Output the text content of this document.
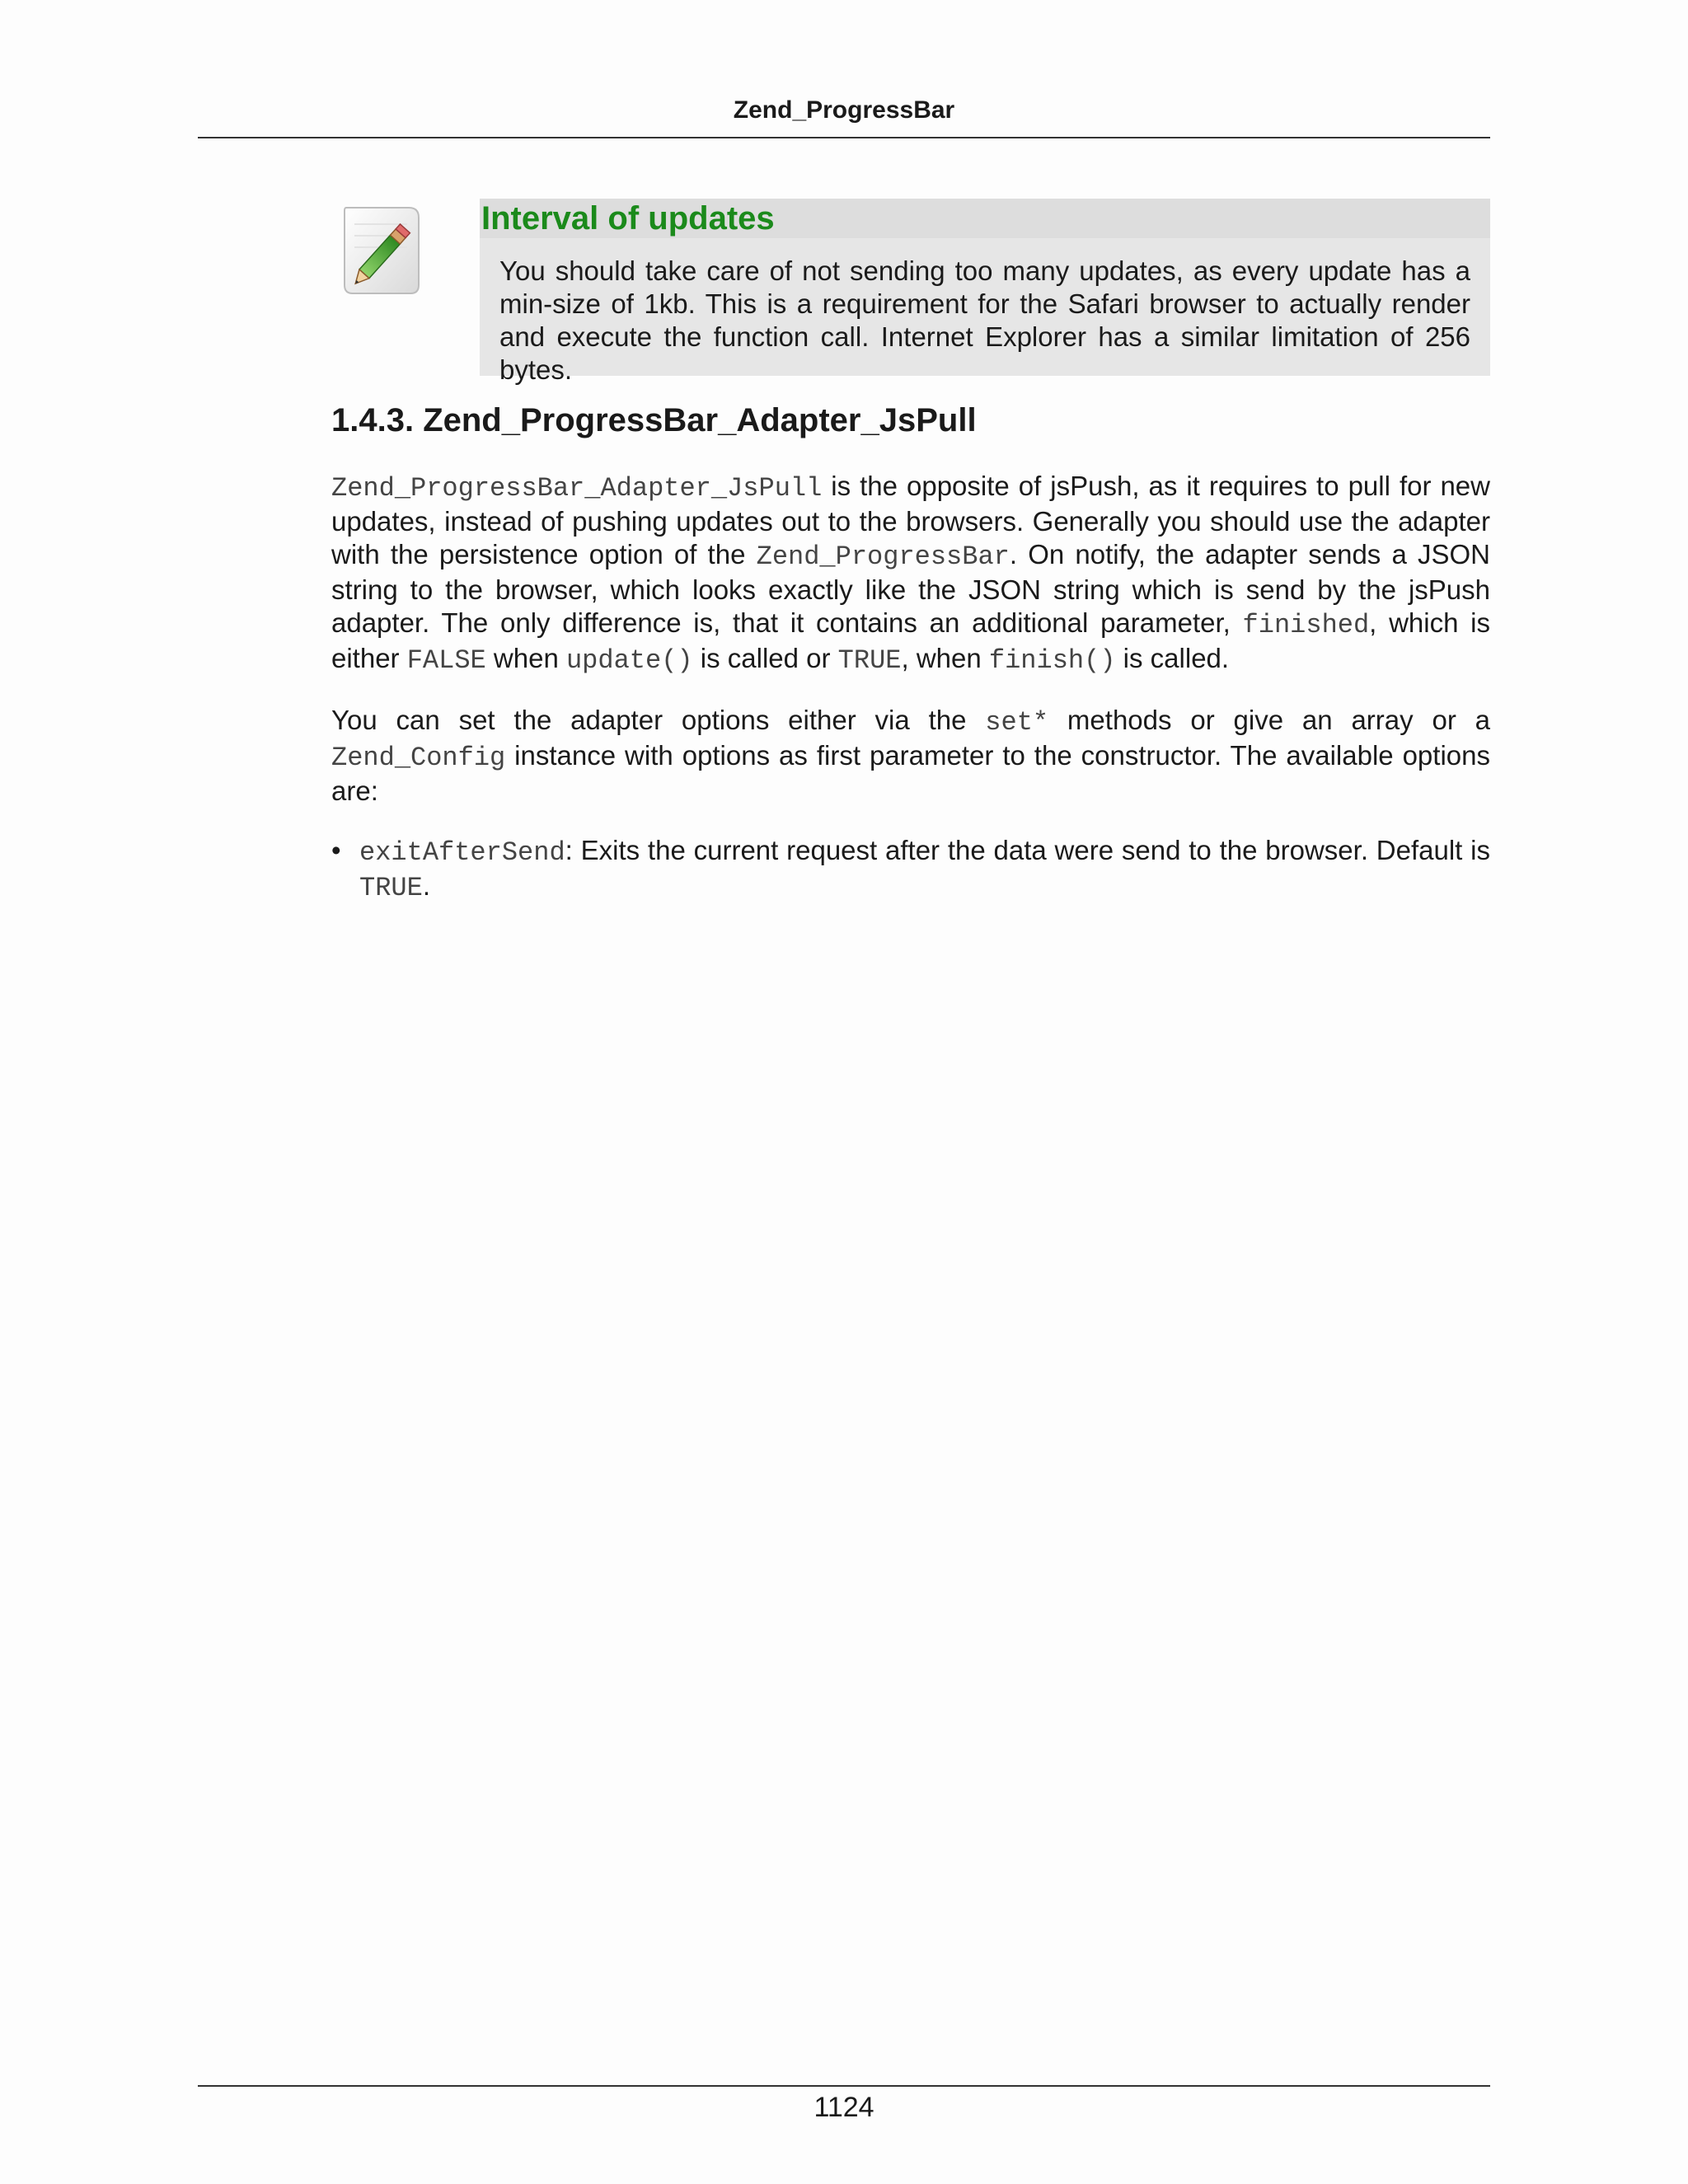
Zend_ProgressBar
Interval of updates
You should take care of not sending too many updates, as every update has a min-size of 1kb. This is a requirement for the Safari browser to actually render and execute the function call. Internet Explorer has a similar limitation of 256 bytes.
1.4.3. Zend_ProgressBar_Adapter_JsPull

Zend_ProgressBar_Adapter_JsPull is the opposite of jsPush, as it requires to pull for new updates, instead of pushing updates out to the browsers. Generally you should use the adapter with the persistence option of the Zend_ProgressBar. On notify, the adapter sends a JSON string to the browser, which looks exactly like the JSON string which is send by the jsPush adapter. The only difference is, that it contains an additional parameter, finished, which is either FALSE when update() is called or TRUE, when finish() is called.

You can set the adapter options either via the set* methods or give an array or a Zend_Config instance with options as first parameter to the constructor. The available options are:

• exitAfterSend: Exits the current request after the data were send to the browser. Default is TRUE.
1124
